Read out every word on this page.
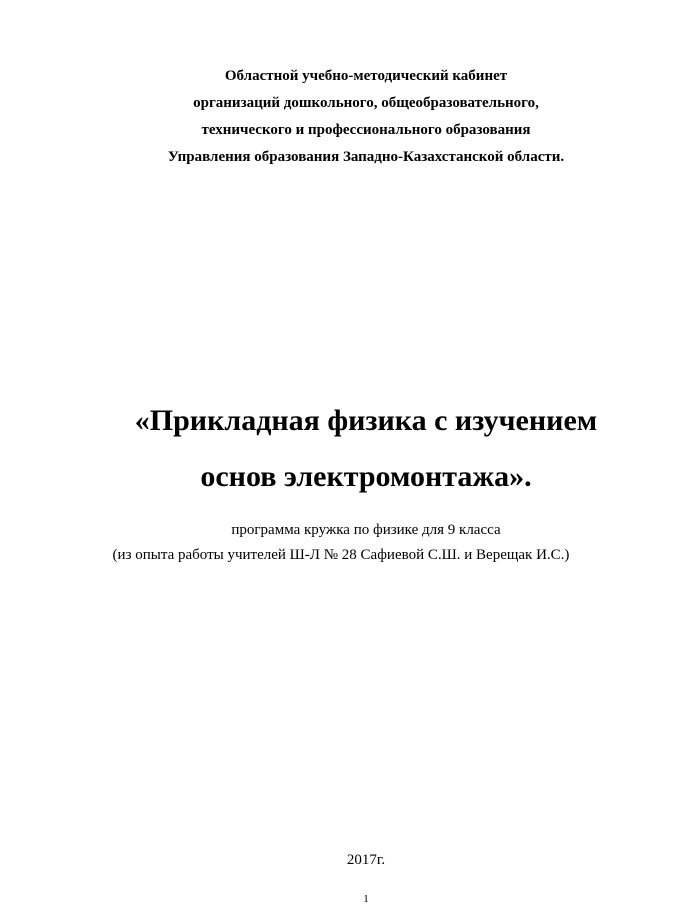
Областной учебно-методический кабинет
организаций дошкольного, общеобразовательного,
технического и профессионального образования
Управления образования Западно-Казахстанской области.
«Прикладная физика с изучением
основ электромонтажа».
программа кружка по физике для 9 класса
(из опыта работы учителей Ш-Л № 28 Сафиевой С.Ш. и Верещак И.С.)
2017г.
1
